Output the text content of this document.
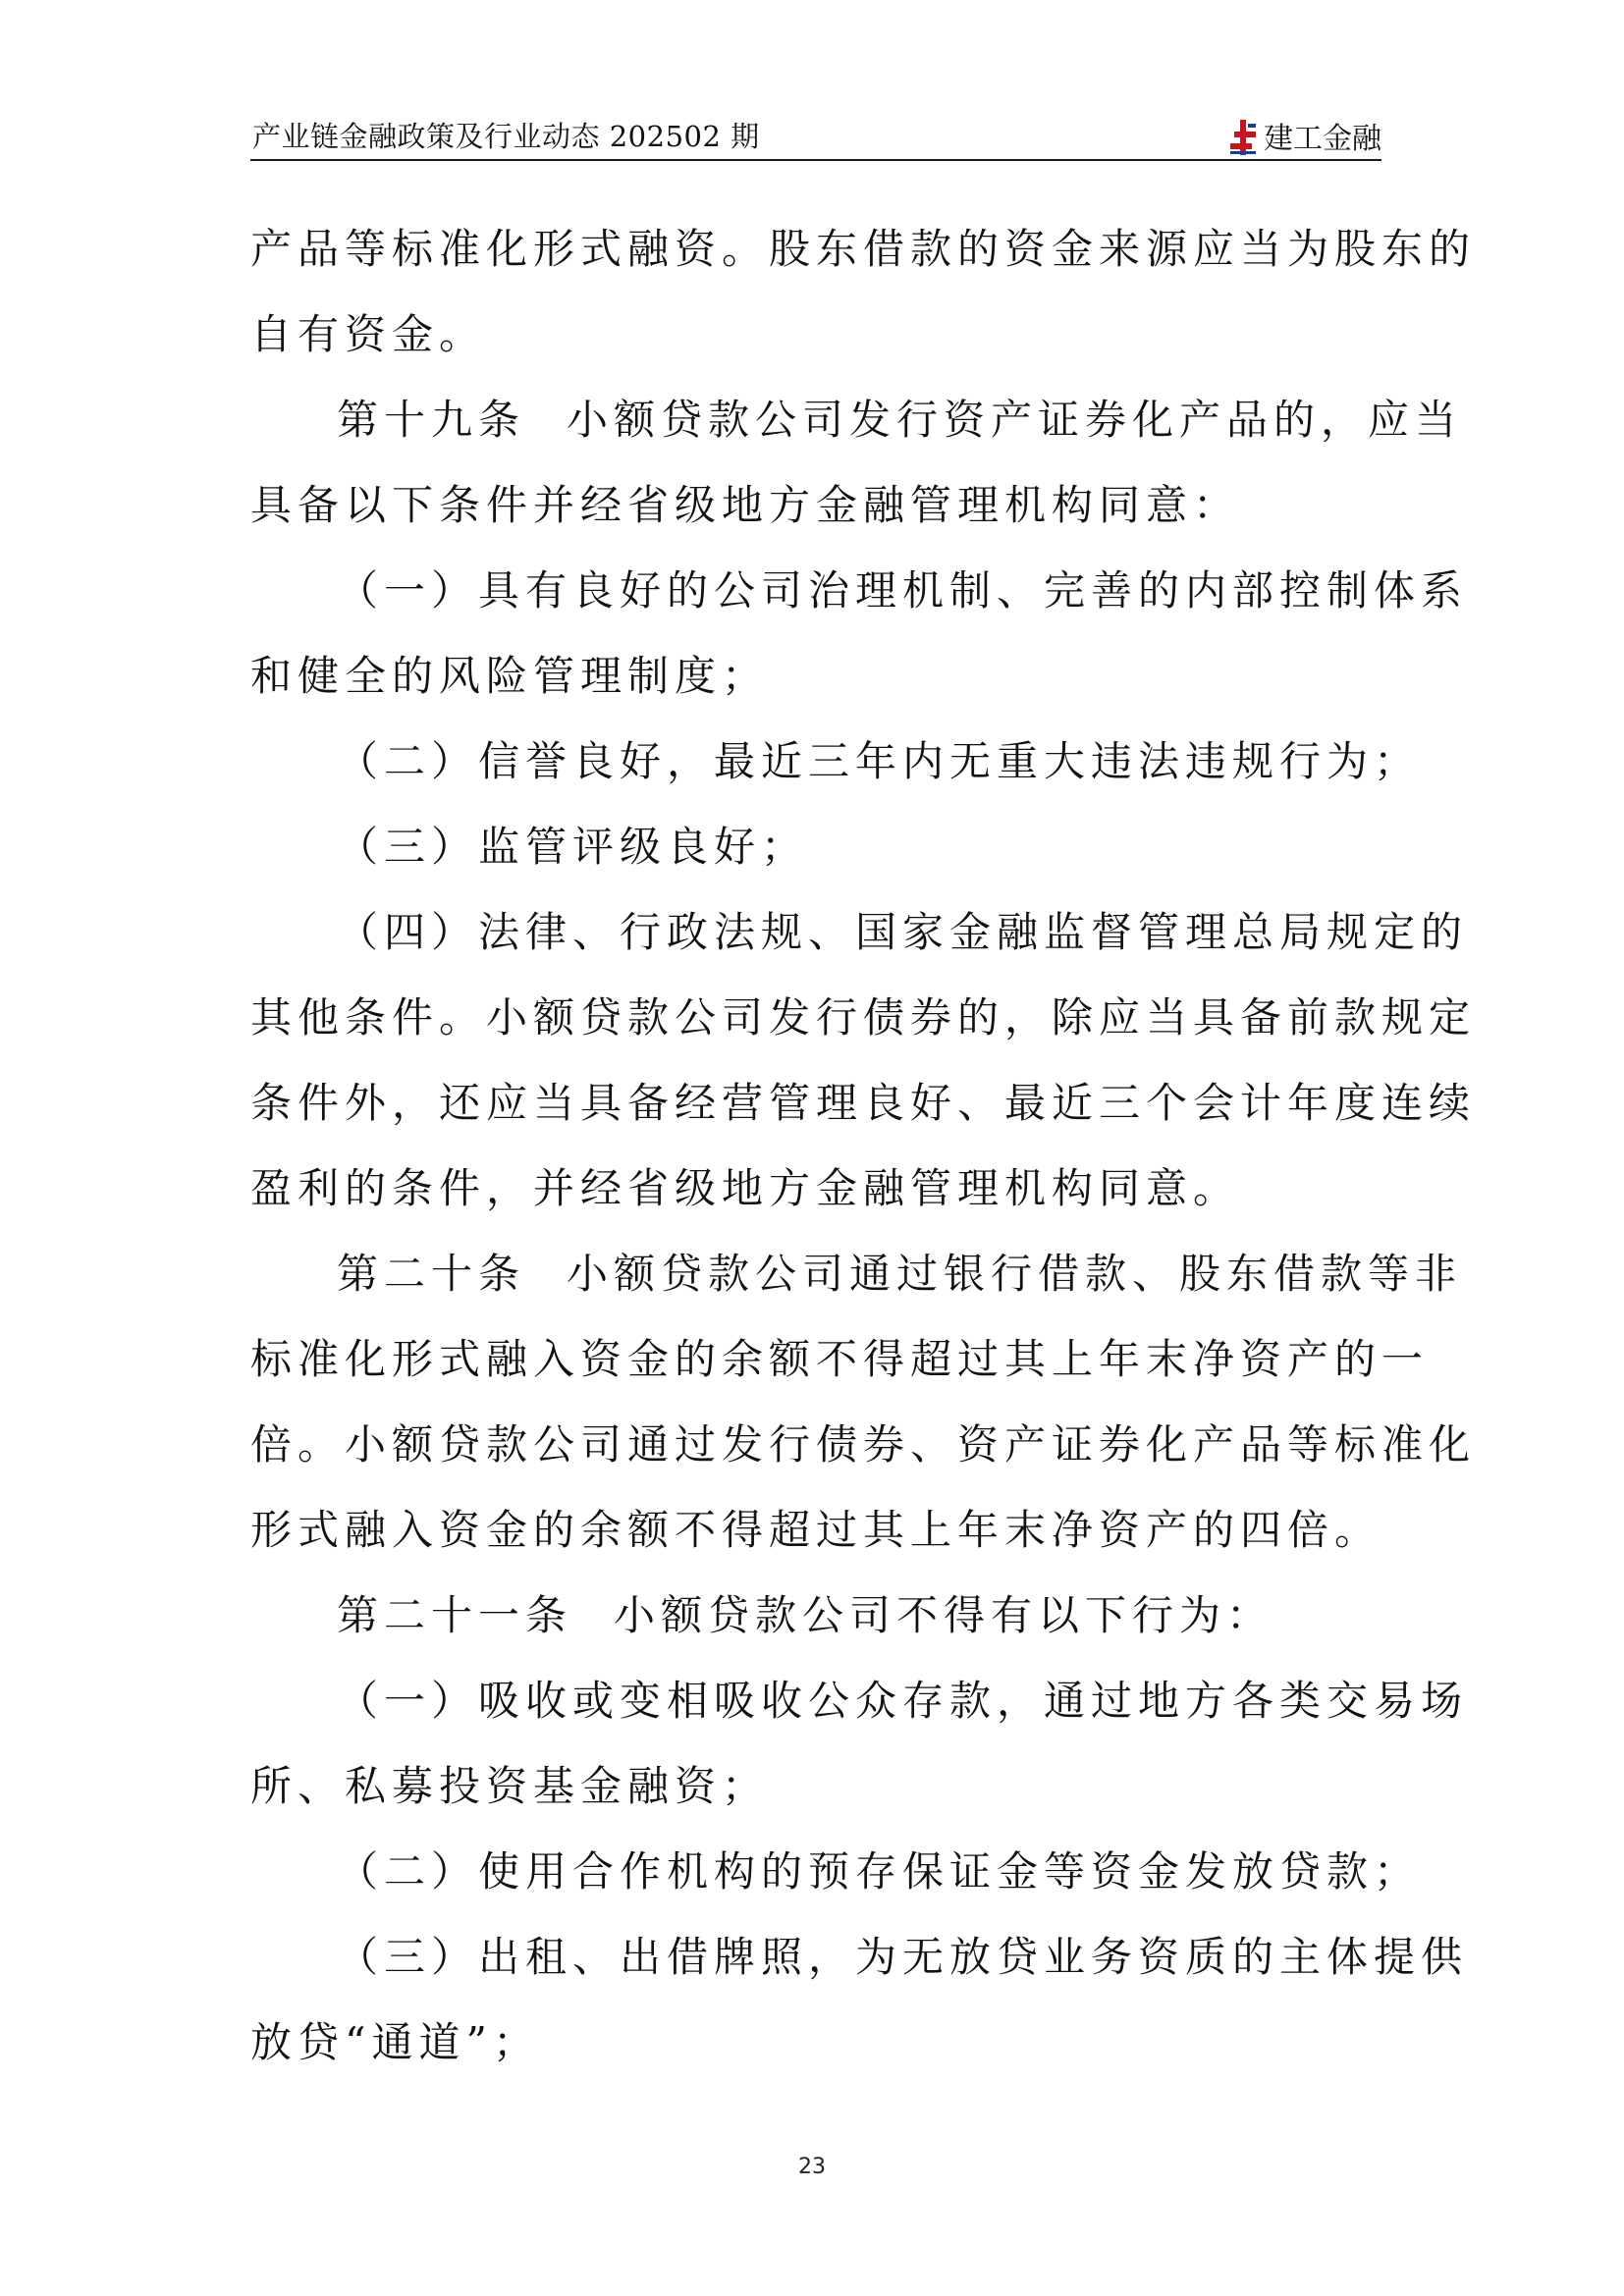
产业链金融政策及行业动态 202502 期	建工金融

产品等标准化形式融资。股东借款的资金来源应当为股东的

自有资金。

第十九条 小额贷款公司发行资产证券化产品的，应当

具备以下条件并经省级地方金融管理机构同意：

（一）具有良好的公司治理机制、完善的内部控制体系

和健全的风险管理制度；

（二）信誉良好，最近三年内无重大违法违规行为；

（三）监管评级良好；

（四）法律、行政法规、国家金融监督管理总局规定的

其他条件。小额贷款公司发行债券的，除应当具备前款规定

条件外，还应当具备经营管理良好、最近三个会计年度连续

盈利的条件，并经省级地方金融管理机构同意。

第二十条 小额贷款公司通过银行借款、股东借款等非

标准化形式融入资金的余额不得超过其上年末净资产的一

倍。小额贷款公司通过发行债券、资产证券化产品等标准化

形式融入资金的余额不得超过其上年末净资产的四倍。

第二十一条 小额贷款公司不得有以下行为：

（一）吸收或变相吸收公众存款，通过地方各类交易场

所、私募投资基金融资；

（二）使用合作机构的预存保证金等资金发放贷款；

（三）出租、出借牌照，为无放贷业务资质的主体提供

放贷“通道”；

23
